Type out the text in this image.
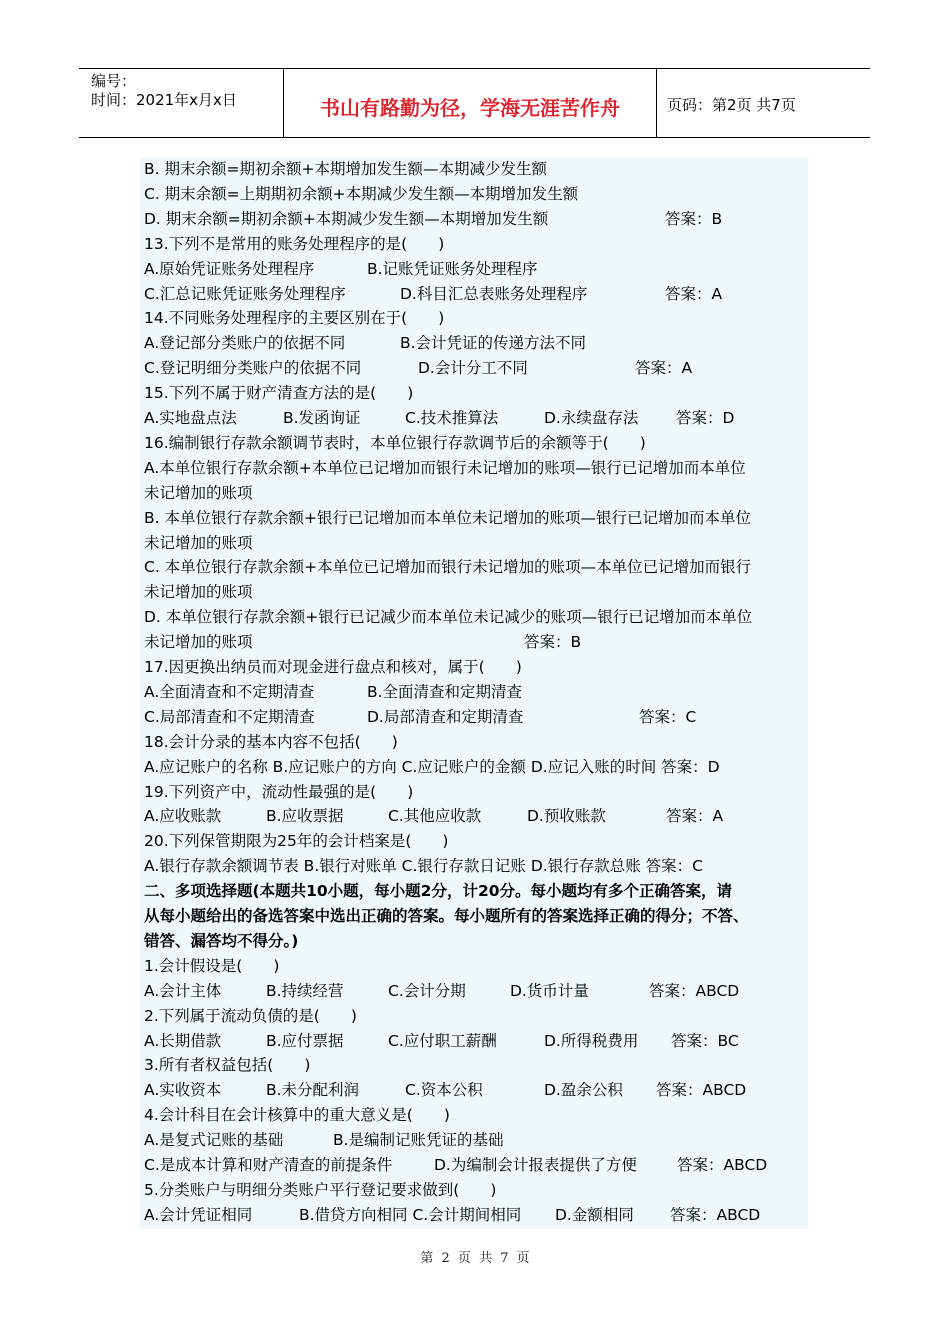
编号：
时间：2021年x月x日	书山有路勤为径，学海无涯苦作舟	页码：第2页 共7页
B. 期末余额=期初余额+本期增加发生额—本期减少发生额
C. 期末余额=上期期初余额+本期减少发生额—本期增加发生额
D. 期末余额=期初余额+本期减少发生额—本期增加发生额	答案：B
13.下列不是常用的账务处理程序的是(　　)
A.原始凭证账务处理程序	B.记账凭证账务处理程序
C.汇总记账凭证账务处理程序	D.科目汇总表账务处理程序	答案：A
14.不同账务处理程序的主要区别在于(　　)
A.登记部分类账户的依据不同	B.会计凭证的传递方法不同
C.登记明细分类账户的依据不同	D.会计分工不同	答案：A
15.下列不属于财产清查方法的是(　　)
A.实地盘点法	B.发函询证	C.技术推算法	D.永续盘存法 答案：D
16.编制银行存款余额调节表时，本单位银行存款调节后的余额等于(　　)
A.本单位银行存款余额+本单位已记增加而银行未记增加的账项—银行已记增加而本单位
未记增加的账项
B. 本单位银行存款余额+银行已记增加而本单位未记增加的账项—银行已记增加而本单位
未记增加的账项
C. 本单位银行存款余额+本单位已记增加而银行未记增加的账项—本单位已记增加而银行
未记增加的账项
D. 本单位银行存款余额+银行已记减少而本单位未记减少的账项—银行已记增加而本单位
未记增加的账项	答案：B
17.因更换出纳员而对现金进行盘点和核对，属于(　　)
A.全面清查和不定期清查	B.全面清查和定期清查
C.局部清查和不定期清查	D.局部清查和定期清查	答案：C
18.会计分录的基本内容不包括(　　)
A.应记账户的名称 B.应记账户的方向 C.应记账户的金额 D.应记入账的时间 答案：D
19.下列资产中，流动性最强的是(　　)
A.应收账款	B.应收票据	C.其他应收款	D.预收账款	答案：A
20.下列保管期限为25年的会计档案是(　　)
A.银行存款余额调节表 B.银行对账单 C.银行存款日记账 D.银行存款总账 答案：C
二、多项选择题(本题共10小题，每小题2分，计20分。每小题均有多个正确答案，请
从每小题给出的备选答案中选出正确的答案。每小题所有的答案选择正确的得分；不答、
错答、漏答均不得分。)
1.会计假设是(　　)
A.会计主体	B.持续经营	C.会计分期	D.货币计量	答案：ABCD
2.下列属于流动负债的是(　　)
A.长期借款	B.应付票据	C.应付职工薪酬	D.所得税费用 答案：BC
3.所有者权益包括(　　)
A.实收资本	B.未分配利润	C.资本公积	D.盈余公积 答案：ABCD
4.会计科目在会计核算中的重大意义是(　　)
A.是复式记账的基础	B.是编制记账凭证的基础
C.是成本计算和财产清查的前提条件	D.为编制会计报表提供了方便	答案：ABCD
5.分类账户与明细分类账户平行登记要求做到(　　)
A.会计凭证相同	B.借贷方向相同 C.会计期间相同 D.金额相同 答案：ABCD
第 2 页 共 7 页
